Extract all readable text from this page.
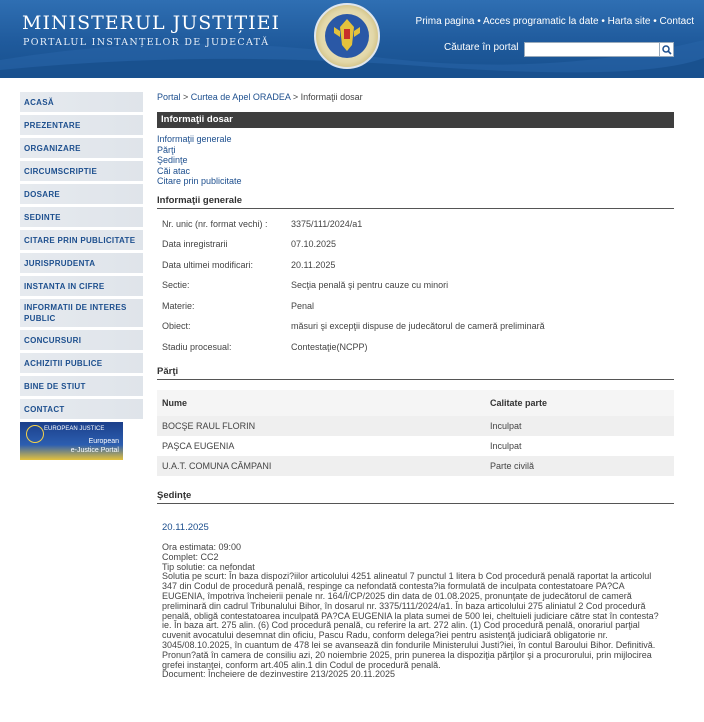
MINISTERUL JUSTIȚIEI
PORTALUL INSTANȚELOR DE JUDECATĂ
Prima pagina • Acces programatic la date • Harta site • Contact
Căutare în portal
ACASĂ
PREZENTARE
ORGANIZARE
CIRCUMSCRIPTIE
DOSARE
SEDINTE
CITARE PRIN PUBLICITATE
JURISPRUDENTA
INSTANTA IN CIFRE
INFORMATII DE INTERES PUBLIC
CONCURSURI
ACHIZITII PUBLICE
BINE DE STIUT
CONTACT
EUROPEAN JUSTICE
European
e-Justice Portal
Portal > Curtea de Apel ORADEA > Informaţii dosar
Informaţii dosar
Informaţii generale
Părţi
Şedinţe
Căi atac
Citare prin publicitate
Informaţii generale
Nr. unic (nr. format vechi) :	3375/111/2024/a1
Data inregistrarii	07.10.2025
Data ultimei modificari:	20.11.2025
Sectie:	Secţia penală şi pentru cauze cu minori
Materie:	Penal
Obiect:	măsuri şi excepţii dispuse de judecătorul de cameră preliminară
Stadiu procesual:	Contestaţie(NCPP)
Părţi
Nume	Calitate parte
BOCŞE RAUL FLORIN	Inculpat
PAŞCA EUGENIA	Inculpat
U.A.T. COMUNA CÂMPANI	Parte civilă
Şedinţe
20.11.2025
Ora estimata: 09:00
Complet: CC2
Tip solutie: ca nefondat
Solutia pe scurt: În baza dispozi?iilor articolului 4251 alineatul 7 punctul 1 litera b Cod procedură penală raportat la articolul 347 din Codul de procedură penală, respinge ca nefondată contesta?ia formulată de inculpata contestatoare PA?CA EUGENIA, împotriva încheierii penale nr. 164/Î/CP/2025 din data de 01.08.2025, pronunţate de judecătorul de cameră preliminară din cadrul Tribunalului Bihor, în dosarul nr. 3375/111/2024/a1. În baza articolului 275 aliniatul 2 Cod procedură penală, obligă contestatoarea inculpată PA?CA EUGENIA la plata sumei de 500 lei, cheltuieli judiciare către stat în contesta?ie. În baza art. 275 alin. (6) Cod procedură penală, cu referire la art. 272 alin. (1) Cod procedură penală, onorariul parţial cuvenit avocatului desemnat din oficiu, Pascu Radu, conform delega?iei pentru asistenţă judiciară obligatorie nr. 3045/08.10.2025, în cuantum de 478 lei se avansează din fondurile Ministerului Justi?iei, în contul Baroului Bihor. Definitivă. Pronun?ată în camera de consiliu azi, 20 noiembrie 2025, prin punerea la dispoziţia părţilor şi a procurorului, prin mijlocirea grefei instanţei, conform art.405 alin.1 din Codul de procedură penală.
Document: Încheiere de dezinvestire 213/2025 20.11.2025
